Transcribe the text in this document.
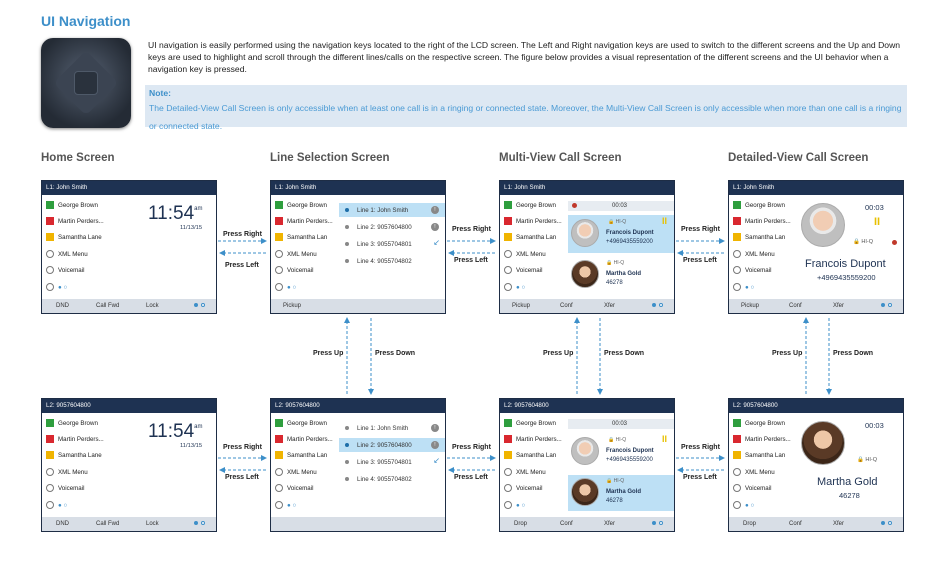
UI Navigation
UI navigation is easily performed using the navigation keys located to the right of the LCD screen. The Left and Right navigation keys are used to switch to the different screens and the Up and Down keys are used to highlight and scroll through the different lines/calls on the respective screen. The figure below provides a visual representation of the different screens and the UI behavior when a navigation key is pressed.
Note:
The Detailed-View Call Screen is only accessible when at least one call is in a ringing or connected state. Moreover, the Multi-View Call Screen is only accessible when more than one call is a ringing or connected state.
Home Screen	Line Selection Screen	Multi-View Call Screen	Detailed-View Call Screen
L1: John Smith
George Brown
Martin Perders...
Samantha Lane
XML Menu
Voicemail
● ○
$11:54^{am}$
11/13/15
DND	Call Fwd	Lock
L1: John Smith
George Brown
Martin Perders...
Samantha Lan
XML Menu
Voicemail
● ○
Line 1: John Smith	!
Line 2: 9057604800	!
Line 3: 9055704801	↙
Line 4: 9055704802
Pickup
L1: John Smith
George Brown
Martin Perders...
Samantha Lan
XML Menu
Voicemail
● ○
00:03
🔒 HI-Q	II
Francois Dupont
+4969435559200
🔒 HI-Q
Martha Gold
46278
Pickup	Conf	Xfer
L1: John Smith
George Brown
Martin Perders...
Samantha Lan
XML Menu
Voicemail
● ○
00:03
II
🔒 HI-Q
Francois Dupont
+4969435559200
Pickup	Conf	Xfer
L2: 9057604800
George Brown
Martin Perders...
Samantha Lane
XML Menu
Voicemail
● ○
$11:54^{am}$
11/13/15
DND	Call Fwd	Lock
L2: 9057604800
George Brown
Martin Perders...
Samantha Lan
XML Menu
Voicemail
● ○
Line 1: John Smith	!
Line 2: 9057604800	!
Line 3: 9055704801	↙
Line 4: 9055704802
L2: 9057604800
George Brown
Martin Perders...
Samantha Lan
XML Menu
Voicemail
● ○
00:03
🔒 HI-Q	II
Francois Dupont
+4969435559200
🔒 HI-Q
Martha Gold
46278
Drop	Conf	Xfer
L2: 9057604800
George Brown
Martin Perders...
Samantha Lan
XML Menu
Voicemail
● ○
00:03
🔒 HI-Q
Martha Gold
46278
Drop	Conf	Xfer
Press Right
Press Left
Press Right
Press Left
Press Right
Press Left
Press Right
Press Left
Press Right
Press Left
Press Right
Press Left
Press Up	Press Down	Press Up	Press Down	Press Up	Press Down
